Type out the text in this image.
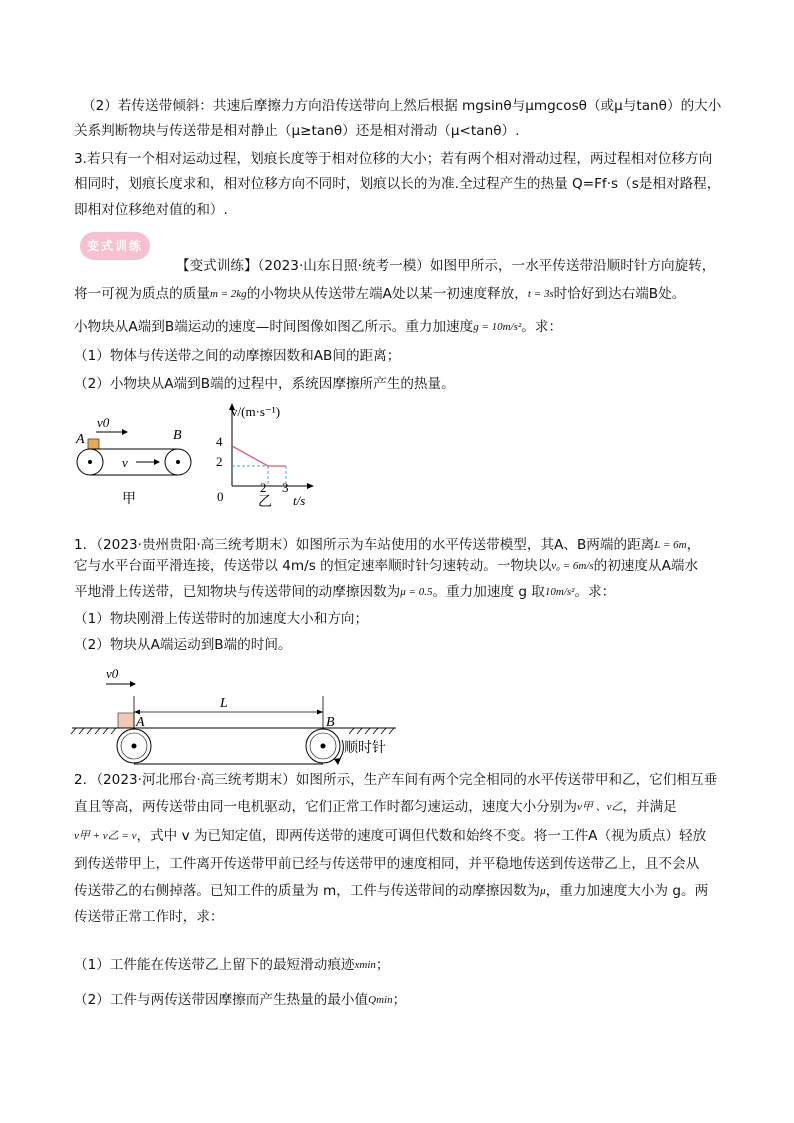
（2）若传送带倾斜：共速后摩擦力方向沿传送带向上然后根据 mgsinθ与μmgcosθ（或μ与tanθ）的大小
关系判断物块与传送带是相对静止（μ≥tanθ）还是相对滑动（μ<tanθ）.
3.若只有一个相对运动过程，划痕长度等于相对位移的大小；若有两个相对滑动过程，两过程相对位移方向
相同时，划痕长度求和，相对位移方向不同时，划痕以长的为准.全过程产生的热量 Q=Ff·s（s是相对路程，
即相对位移绝对值的和）.
变式训练
【变式训练】（2023·山东日照·统考一模）如图甲所示，一水平传送带沿顺时针方向旋转，
将一可视为质点的质量m = 2kg的小物块从传送带左端A处以某一初速度释放，t = 3s时恰好到达右端B处。
小物块从A端到B端运动的速度—时间图像如图乙所示。重力加速度g = 10m/s²。求：
（1）物体与传送带之间的动摩擦因数和AB间的距离；
（2）小物块从A端到B端的过程中，系统因摩擦所产生的热量。
v0
A	B
v
甲
v/(m·s⁻¹)
t/s
0
4
2
2 3
乙
1．（2023·贵州贵阳·高三统考期末）如图所示为车站使用的水平传送带模型，其A、B两端的距离L = 6m，
它与水平台面平滑连接，传送带以 4m/s 的恒定速率顺时针匀速转动。一物块以v₀ = 6m/s的初速度从A端水
平地滑上传送带，已知物块与传送带间的动摩擦因数为μ = 0.5。重力加速度 g 取10m/s²。求：
（1）物块刚滑上传送带时的加速度大小和方向；
（2）物块从A端运动到B端的时间。
v0
A
L
B
顺时针
2．（2023·河北邢台·高三统考期末）如图所示，生产车间有两个完全相同的水平传送带甲和乙，它们相互垂
直且等高，两传送带由同一电机驱动，它们正常工作时都匀速运动，速度大小分别为v甲 、v乙，并满足
v甲 + v乙 = v，式中 v 为已知定值，即两传送带的速度可调但代数和始终不变。将一工件A（视为质点）轻放
到传送带甲上，工件离开传送带甲前已经与传送带甲的速度相同，并平稳地传送到传送带乙上，且不会从
传送带乙的右侧掉落。已知工件的质量为 m，工件与传送带间的动摩擦因数为μ，重力加速度大小为 g。两
传送带正常工作时，求：
（1）工件能在传送带乙上留下的最短滑动痕迹xmin；
（2）工件与两传送带因摩擦而产生热量的最小值Qmin；
